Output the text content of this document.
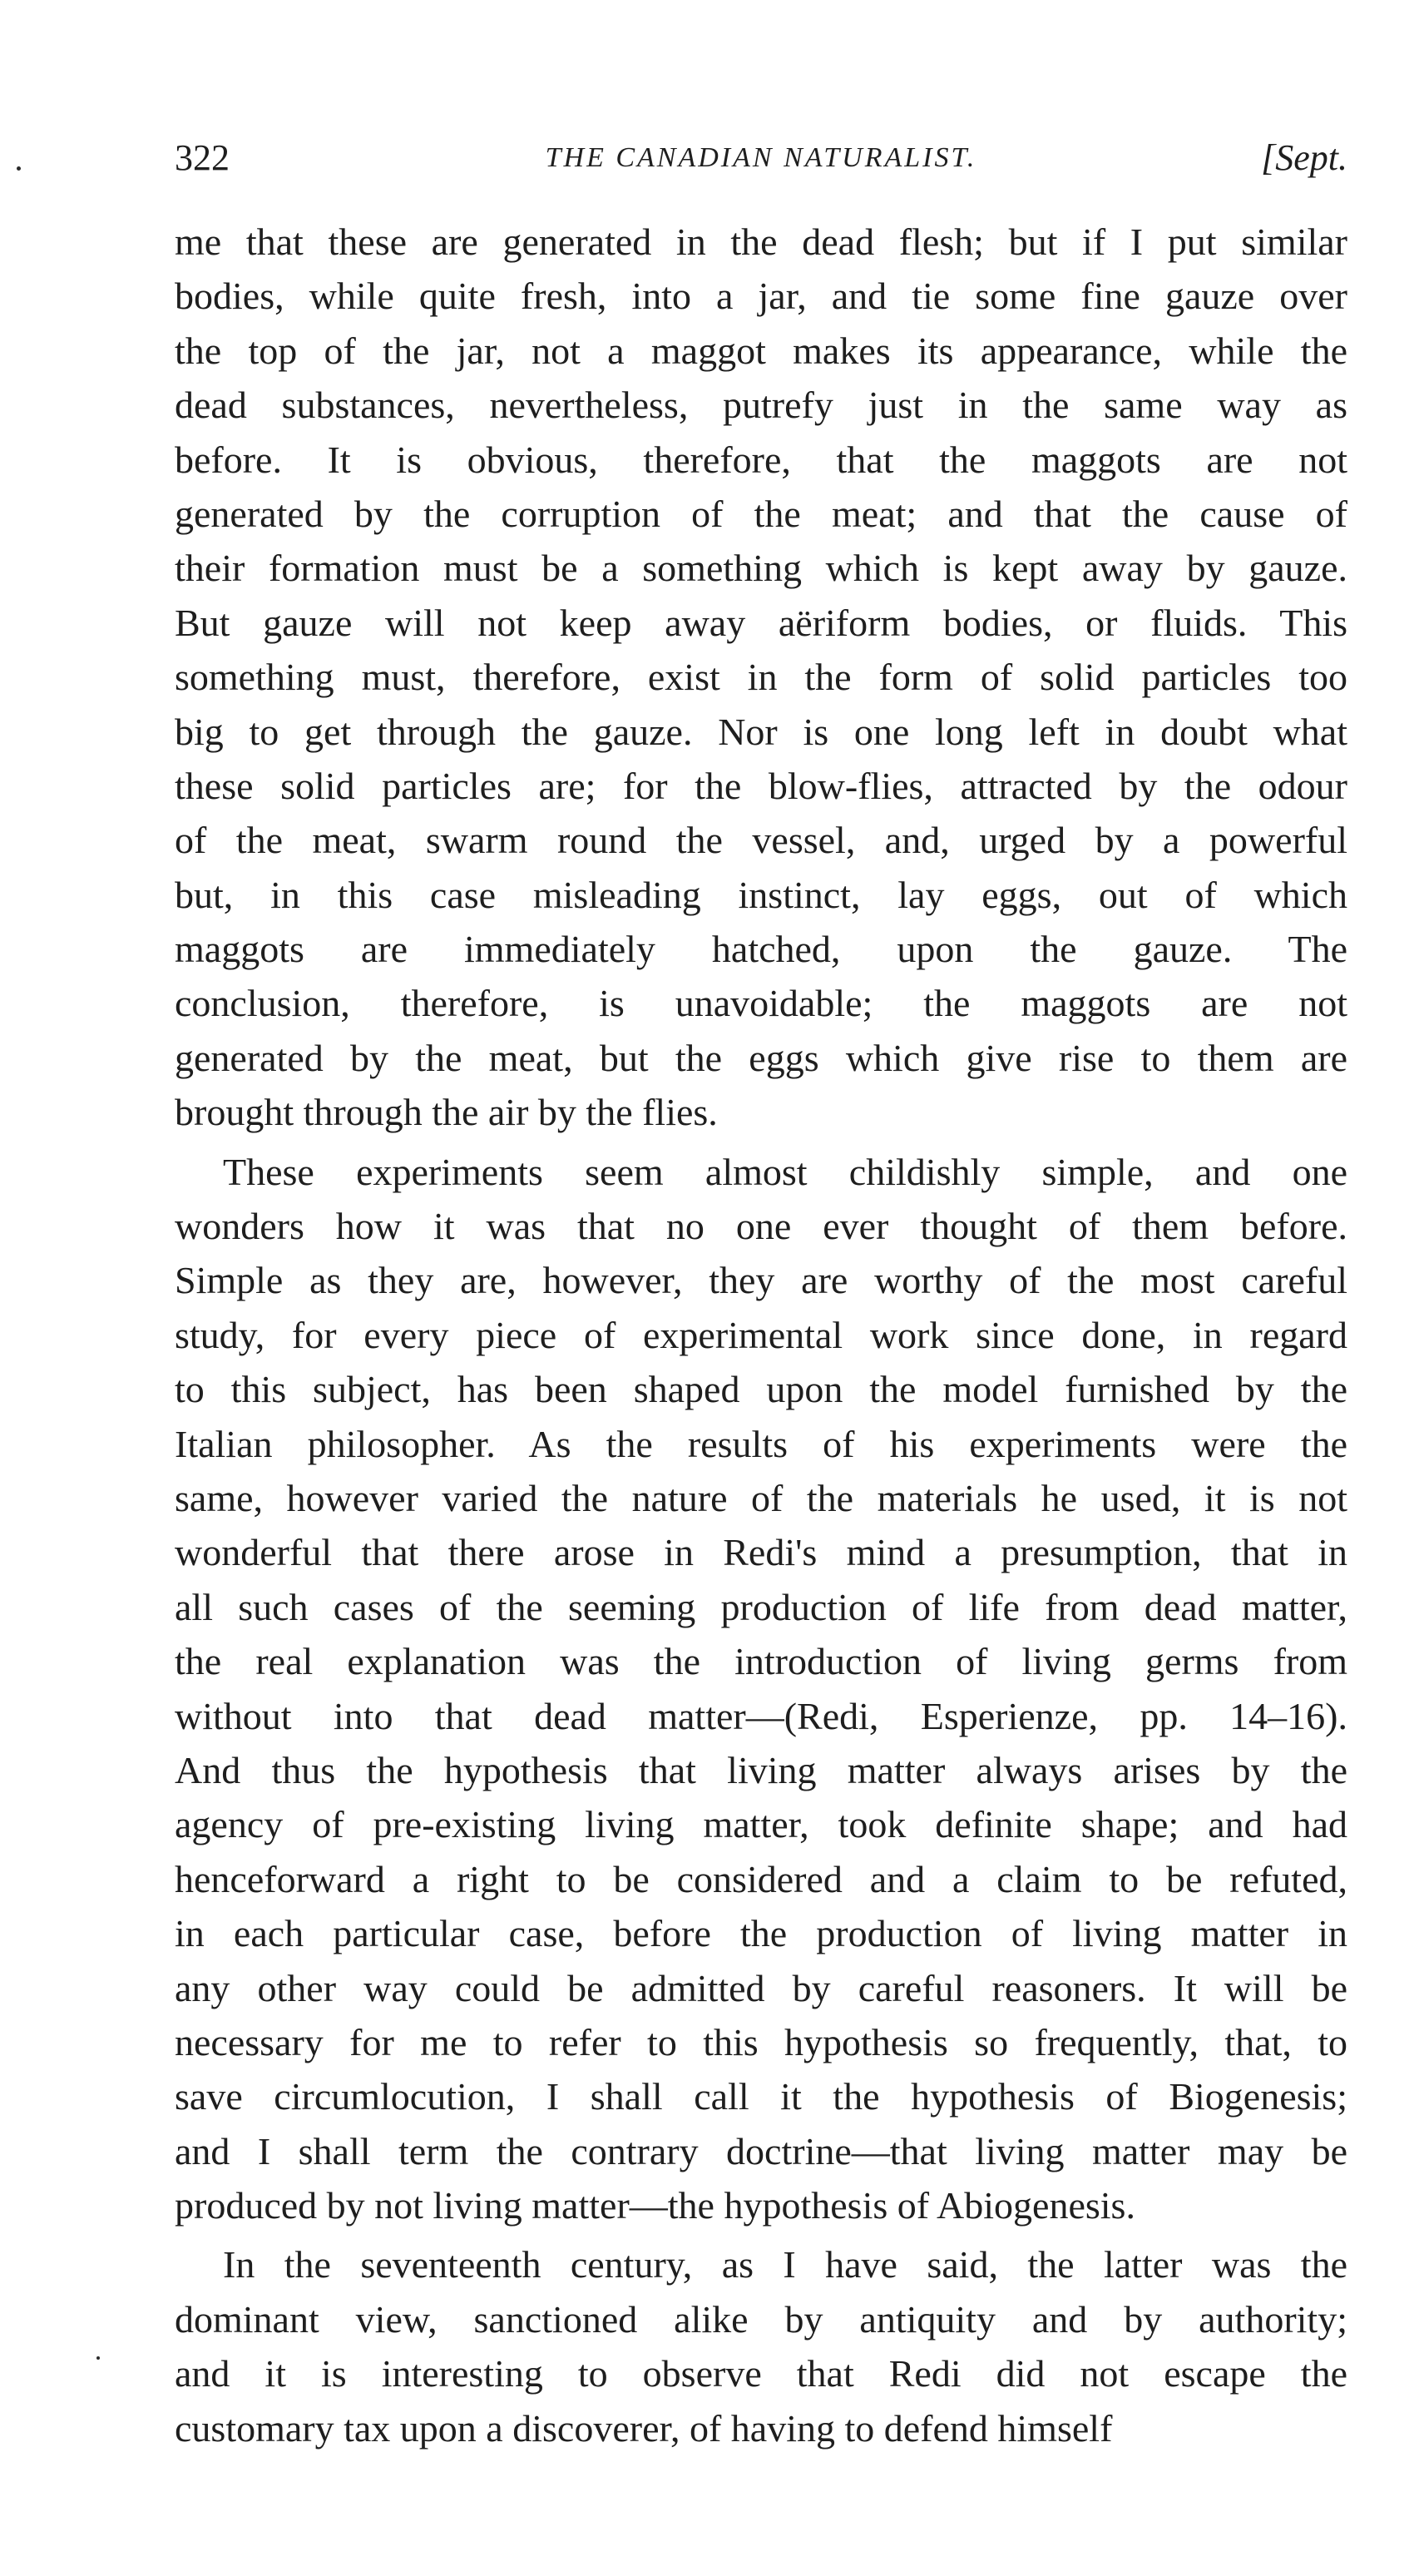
322	THE CANADIAN NATURALIST.	[Sept.
me that these are generated in the dead flesh; but if I put similar
bodies, while quite fresh, into a jar, and tie some fine gauze over
the top of the jar, not a maggot makes its appearance, while the
dead substances, nevertheless, putrefy just in the same way as
before. It is obvious, therefore, that the maggots are not
generated by the corruption of the meat; and that the cause of
their formation must be a something which is kept away by gauze.
But gauze will not keep away aëriform bodies, or fluids. This
something must, therefore, exist in the form of solid particles too
big to get through the gauze. Nor is one long left in doubt what
these solid particles are; for the blow-flies, attracted by the odour
of the meat, swarm round the vessel, and, urged by a powerful
but, in this case misleading instinct, lay eggs, out of which
maggots are immediately hatched, upon the gauze. The
conclusion, therefore, is unavoidable; the maggots are not
generated by the meat, but the eggs which give rise to them are
brought through the air by the flies.
These experiments seem almost childishly simple, and one
wonders how it was that no one ever thought of them before.
Simple as they are, however, they are worthy of the most careful
study, for every piece of experimental work since done, in regard
to this subject, has been shaped upon the model furnished by the
Italian philosopher. As the results of his experiments were the
same, however varied the nature of the materials he used, it is not
wonderful that there arose in Redi's mind a presumption, that in
all such cases of the seeming production of life from dead matter,
the real explanation was the introduction of living germs from
without into that dead matter—(Redi, Esperienze, pp. 14–16).
And thus the hypothesis that living matter always arises by the
agency of pre-existing living matter, took definite shape; and had
henceforward a right to be considered and a claim to be refuted,
in each particular case, before the production of living matter in
any other way could be admitted by careful reasoners. It will be
necessary for me to refer to this hypothesis so frequently, that, to
save circumlocution, I shall call it the hypothesis of Biogenesis;
and I shall term the contrary doctrine—that living matter may be
produced by not living matter—the hypothesis of Abiogenesis.
In the seventeenth century, as I have said, the latter was the
dominant view, sanctioned alike by antiquity and by authority;
and it is interesting to observe that Redi did not escape the
customary tax upon a discoverer, of having to defend himself
